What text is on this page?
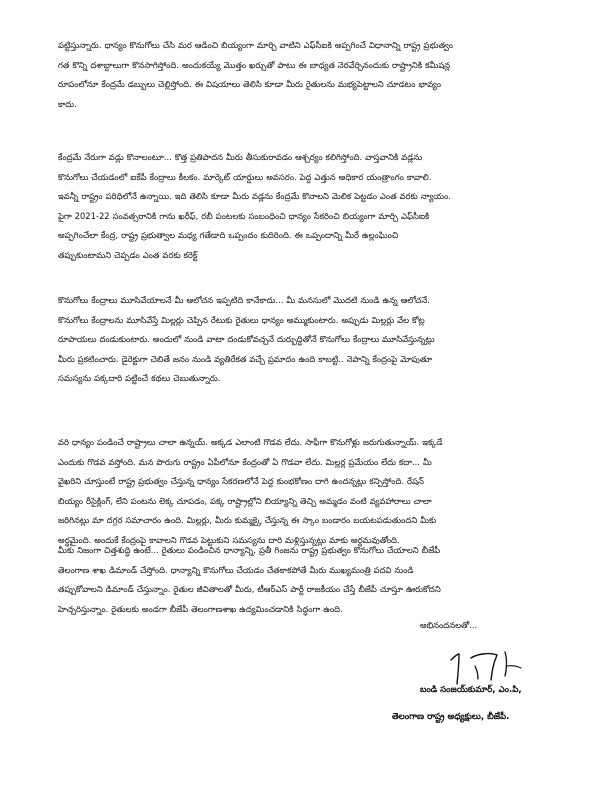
పట్టిస్తున్నారు. ధాన్యం కొనుగోలు చేసి మర ఆడించి బియ్యంగా మార్చి వాటిని ఎఫ్‌సీఐకి అప్పగించే విధానాన్ని రాష్ట్ర ప్రభుత్వం
గత కొన్ని దశాబ్దాలుగా కొనసాగిస్తోంది. అందుకయ్యే మొత్తం ఖర్చుతో పాటు ఈ బాధ్యత నెరవేర్చినందుకు రాష్ట్రానికి కమీషన్ల
రూపంలోనూ కేంద్రమే డబ్బులు చెల్లిస్తోంది. ఈ విషయాలు తెలిసి కూడా మీరు రైతులను మభ్యపెట్టాలని చూడటం భావ్యం
కాదు.
కేంద్రమే నేరుగా వడ్లు కొనాలంటూ... కొత్త ప్రతిపాదన మీరు తీసుకురావడం ఆశ్చర్యం కలిగిస్తోంది. వాస్తవానికి వడ్లను
కొనుగోలు చేయడంలో ఐకేపీ కేంద్రాలు కీలకం. మార్కెట్ యార్డులు అవసరం. పెద్ద ఎత్తున అధికార యంత్రాంగం కావాలి.
ఇవన్నీ రాష్ట్రం పరిధిలోనే ఉన్నాయి. ఇది తెలిసి కూడా మీరు వడ్లను కేంద్రమే కొనాలని మెలిక పెట్టడం ఎంత వరకు న్యాయం.
పైగా 2021-22 సంవత్సరానికి గాను ఖరీఫ్, రబీ పంటలకు సంబంధించి ధాన్యం సేకరించి బియ్యంగా మార్చి ఎఫ్‌సీఐకి
అప్పగించేలా కేంద్ర, రాష్ట్ర ప్రభుత్వాల మధ్య గతేడాది ఒప్పందం కుదిరింది. ఈ ఒప్పందాన్ని మీరే ఉల్లంఘించి
తప్పుకుంటామని చెప్పడం ఎంత వరకు కరెక్ట్
కొనుగోలు కేంద్రాలు మూసివేయాలనే మీ ఆలోచన ఇప్పటిది కానేకాదు... మీ మనసులో మొదటి నుండి ఉన్న ఆలోచనే.
కొనుగోలు కేంద్రాలను మూసివేస్తే మిల్లర్లు చెప్పిన రేటుకు రైతులు ధాన్యం అమ్ముకుంటారు. అప్పుడు మిల్లర్లు వేల కోట్ల
రూపాయలు దండుకుంటారు. అందులో నుండి వాటా దండుకోవచ్చనే దుర్బుద్ధితోనే కొనుగోలు కేంద్రాలు మూసివేస్తున్నట్లు
మీరు ప్రకటించారు. డైరెక్టుగా చెబితే జనం నుండి వ్యతిరేకత వచ్చే ప్రమాదం ఉంది కాబట్టి.. నెపాన్ని కేంద్రంపై మోపుతూ
సమస్యను పక్కదారి పట్టించే కథలు చెబుతున్నారు.
వరి ధాన్యం పండించే రాష్ట్రాలు చాలా ఉన్నయ్. అక్కడ ఎలాంటి గొడవ లేదు. సాఫీగా కొనుగోళ్లు జరుగుతున్నాయ్. ఇక్కడే
ఎందుకు గొడవ వస్తోంది. మన పొరుగు రాష్ట్రం ఏపీలోనూ కేంద్రంతో ఏ గొడవా లేదు. మిల్లర్ల ప్రమేయం లేదు కదా... మీ
వైఖరిని చూస్తుంటే రాష్ట్ర ప్రభుత్వం చేస్తున్న ధాన్యం సేకరణలోనే పెద్ద కుంభకోణం దాగి ఉందన్నట్లు కన్పిస్తోంది. రేషన్
బియ్యం రీసైక్లింగ్, లేని పంటను లెక్క చూపడం, పక్క రాష్ట్రాల్లోని బియ్యాన్ని తెచ్చి అమ్మడం వంటి వ్యవహారాలు చాలా
జరిగినట్లు మా దగ్గర సమాచారం ఉంది. మిల్లర్లు, మీరు కుమ్మక్కై చేస్తున్న ఈ స్కాం బండారం బయటపడుతుందని మీకు
అర్థమైంది. అందుకే కేంద్రంపై కావాలని గొడవ పెట్టుకుని సమస్యను దారి మళ్లిస్తున్నట్లు మాకు అర్థమవుతోంది.
మీకు నిజంగా చిత్తశుద్ధి ఉంటే... రైతులు పండించిన ధాన్యాన్ని, ప్రతీ గింజను రాష్ట్ర ప్రభుత్వం కొనుగోలు చేయాలని బీజేపీ
తెలంగాణ శాఖ డిమాండ్ చేస్తోంది. ధాన్యాన్ని కొనుగోలు చేయడం చేతకాకపోతే మీరు ముఖ్యమంత్రి పదవి నుండి
తప్పుకోవాలని డిమాండ్ చేస్తున్నాం. రైతుల జీవితాలతో మీరు, టీఆర్ఎస్ పార్టీ రాజకీయం చేస్తే బీజేపీ చూస్తూ ఊరుకోదని
హెచ్చరిస్తున్నాం. రైతులకు అండగా బీజేపీ తెలంగాణశాఖ ఉద్యమించడానికి సిద్ధంగా ఉంది.
అభినందనలతో...
బండి సంజయ్‌కుమార్, ఎం.పి,
తెలంగాణ రాష్ట్ర అధ్యక్షులు, బీజేపీ.
